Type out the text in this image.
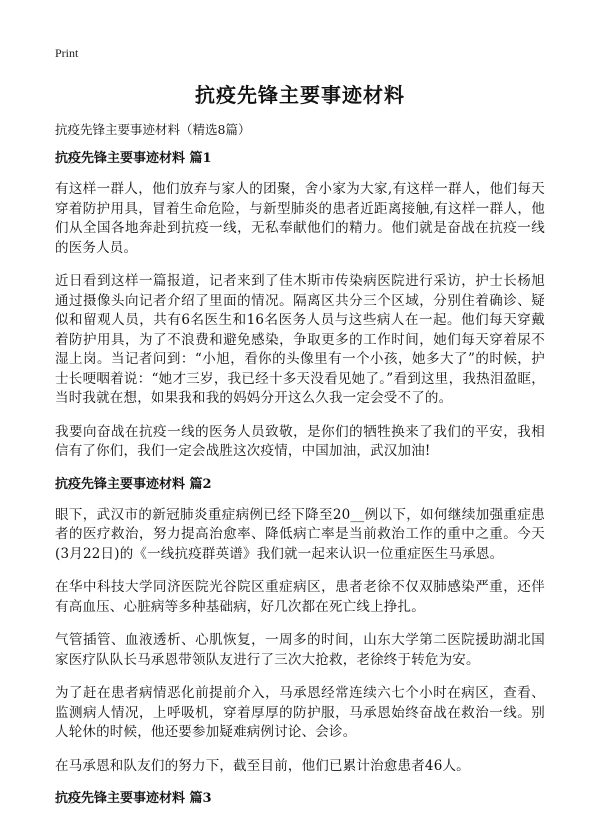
Print
抗疫先锋主要事迹材料

抗疫先锋主要事迹材料（精选8篇）

抗疫先锋主要事迹材料 篇1

有这样一群人，他们放弃与家人的团聚，舍小家为大家,有这样一群人，他们每天穿着防护用具，冒着生命危险，与新型肺炎的患者近距离接触,有这样一群人，他们从全国各地奔赴到抗疫一线，无私奉献他们的精力。他们就是奋战在抗疫一线的医务人员。

近日看到这样一篇报道，记者来到了佳木斯市传染病医院进行采访，护士长杨旭通过摄像头向记者介绍了里面的情况。隔离区共分三个区域，分别住着确诊、疑似和留观人员，共有6名医生和16名医务人员与这些病人在一起。他们每天穿戴着防护用具，为了不浪费和避免感染，争取更多的工作时间，她们每天穿着尿不湿上岗。当记者问到：“小旭，看你的头像里有一个小孩，她多大了”的时候，护士长哽咽着说：“她才三岁，我已经十多天没看见她了。”看到这里，我热泪盈眶，当时我就在想，如果我和我的妈妈分开这么久我一定会受不了的。

我要向奋战在抗疫一线的医务人员致敬，是你们的牺牲换来了我们的平安，我相信有了你们，我们一定会战胜这次疫情，中国加油，武汉加油!

抗疫先锋主要事迹材料 篇2

眼下，武汉市的新冠肺炎重症病例已经下降至20__例以下，如何继续加强重症患者的医疗救治，努力提高治愈率、降低病亡率是当前救治工作的重中之重。今天(3月22日)的《一线抗疫群英谱》我们就一起来认识一位重症医生马承恩。

在华中科技大学同济医院光谷院区重症病区，患者老徐不仅双肺感染严重，还伴有高血压、心脏病等多种基础病，好几次都在死亡线上挣扎。

气管插管、血液透析、心肌恢复，一周多的时间，山东大学第二医院援助湖北国家医疗队队长马承恩带领队友进行了三次大抢救，老徐终于转危为安。

为了赶在患者病情恶化前提前介入，马承恩经常连续六七个小时在病区，查看、监测病人情况，上呼吸机，穿着厚厚的防护服，马承恩始终奋战在救治一线。别人轮休的时候，他还要参加疑难病例讨论、会诊。

在马承恩和队友们的努力下，截至目前，他们已累计治愈患者46人。

抗疫先锋主要事迹材料 篇3
